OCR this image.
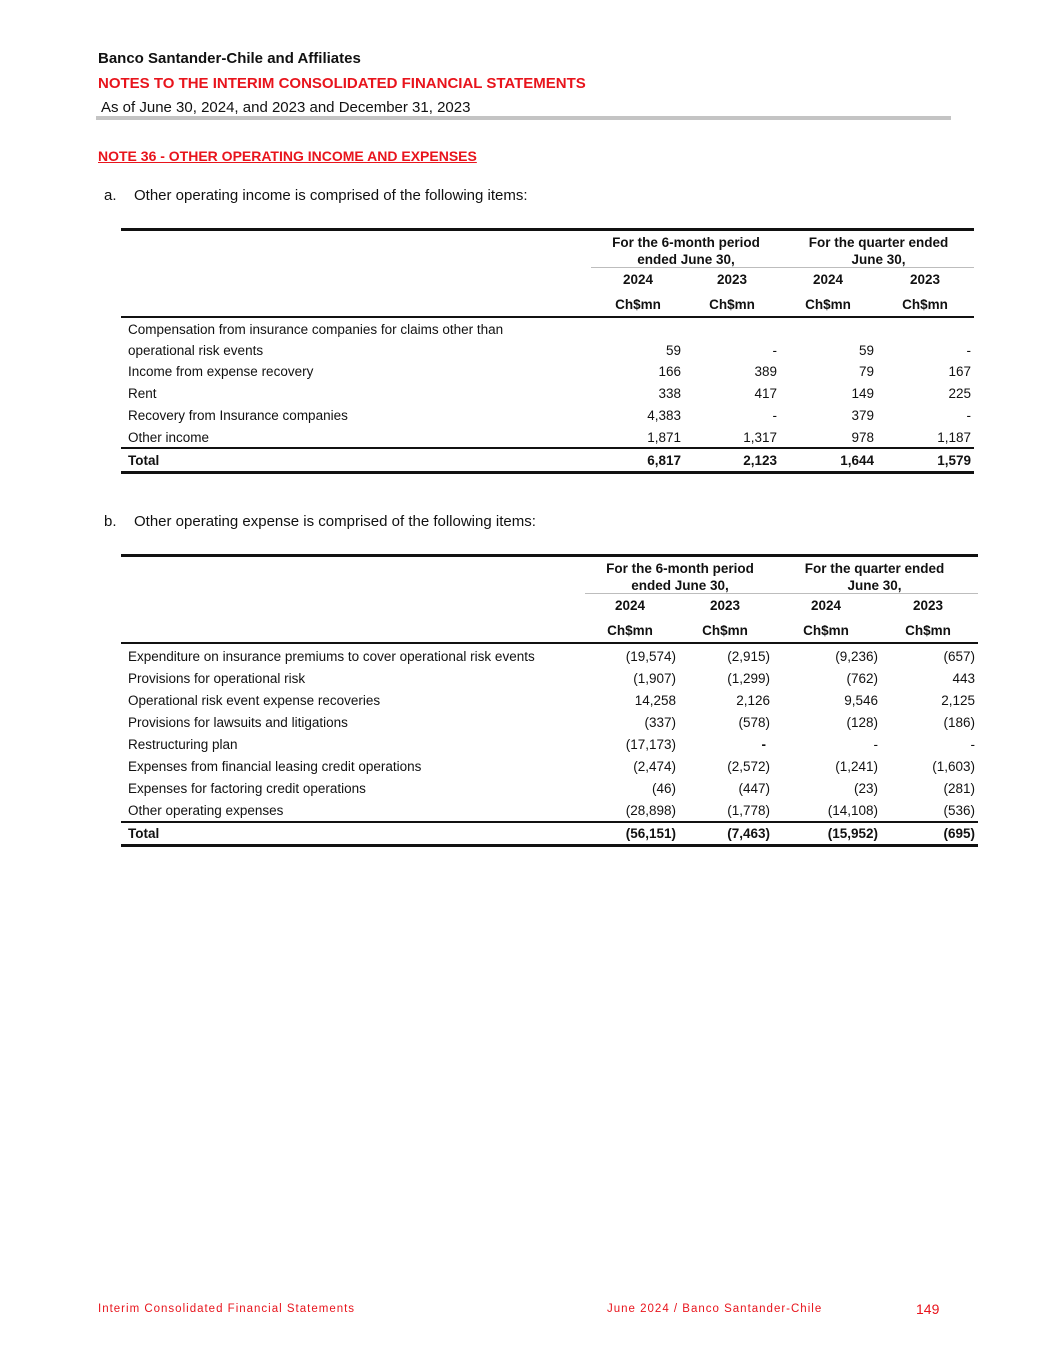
Banco Santander-Chile and Affiliates
NOTES TO THE INTERIM CONSOLIDATED FINANCIAL STATEMENTS
As of June 30, 2024, and 2023 and December 31, 2023
NOTE 36 - OTHER OPERATING INCOME AND EXPENSES
a. Other operating income is comprised of the following items:
For the 6-month period
ended June 30,
For the quarter ended
June 30,
2024	2023	2024	2023
Ch$mn	Ch$mn	Ch$mn	Ch$mn
Compensation from insurance companies for claims other than
operational risk events	59	-	59	-
Income from expense recovery	166	389	79	167
Rent	338	417	149	225
Recovery from Insurance companies	4,383	-	379	-
Other income	1,871	1,317	978	1,187
Total	6,817	2,123	1,644	1,579
b. Other operating expense is comprised of the following items:
For the 6-month period
ended June 30,
For the quarter ended
June 30,
2024	2023	2024	2023
Ch$mn	Ch$mn	Ch$mn	Ch$mn
Expenditure on insurance premiums to cover operational risk events	(19,574)	(2,915)	(9,236)	(657)
Provisions for operational risk	(1,907)	(1,299)	(762)	443
Operational risk event expense recoveries	14,258	2,126	9,546	2,125
Provisions for lawsuits and litigations	(337)	(578)	(128)	(186)
Restructuring plan	(17,173)	-	-	-
Expenses from financial leasing credit operations	(2,474)	(2,572)	(1,241)	(1,603)
Expenses for factoring credit operations	(46)	(447)	(23)	(281)
Other operating expenses	(28,898)	(1,778)	(14,108)	(536)
Total	(56,151)	(7,463)	(15,952)	(695)
Interim Consolidated Financial Statements	June 2024 / Banco Santander-Chile	149
